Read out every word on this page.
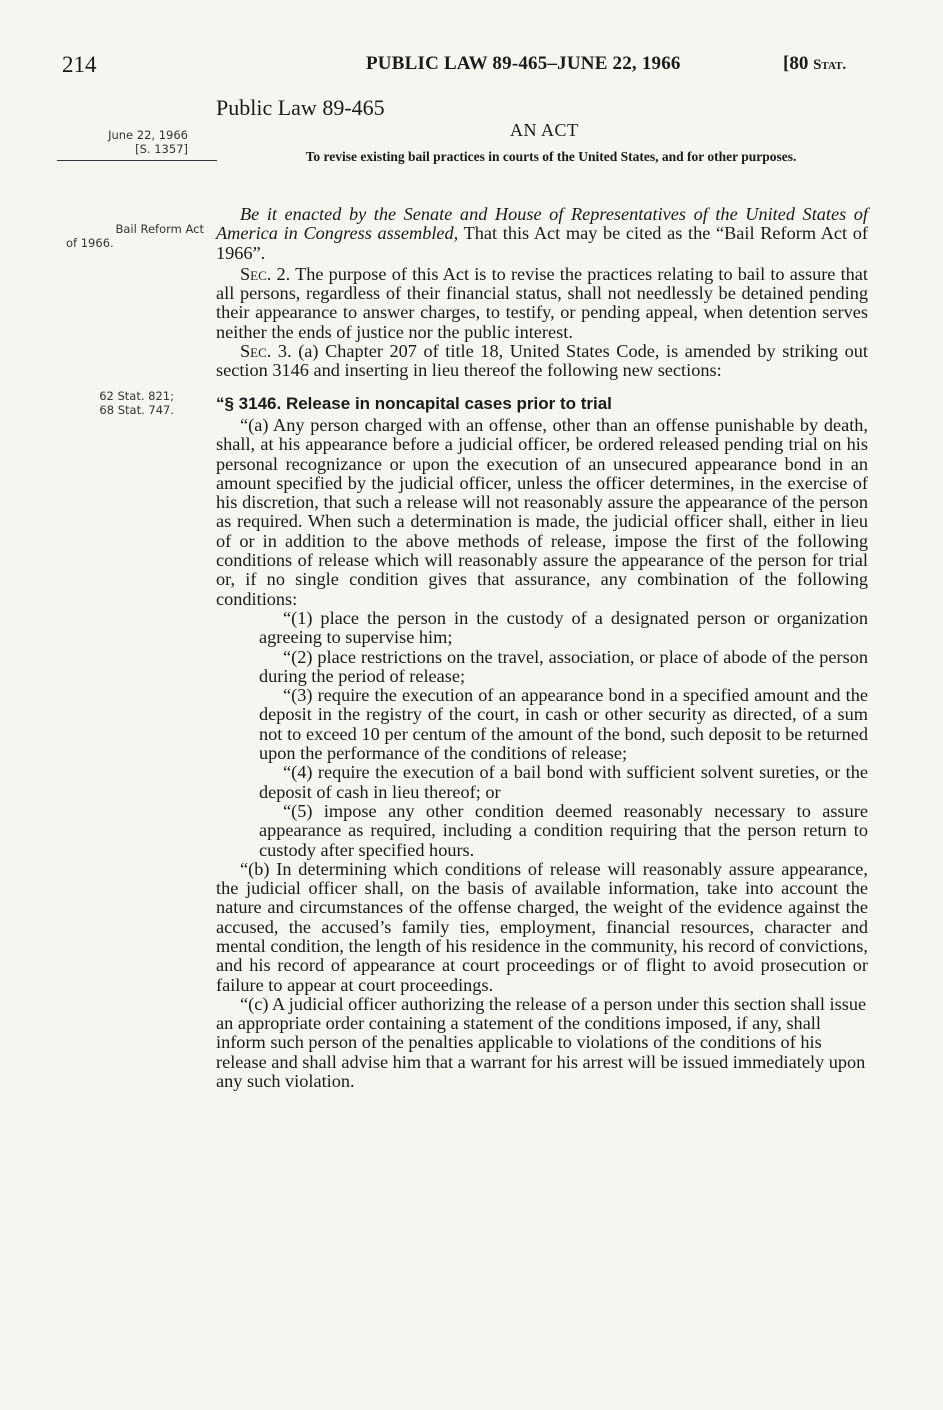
214	PUBLIC LAW 89-465–JUNE 22, 1966	[80 Stat.
Public Law 89-465
June 22, 1966
[S. 1357]
Bail Reform Act
of 1966.
62 Stat. 821;
68 Stat. 747.
AN ACT
To revise existing bail practices in courts of the United States, and for other purposes.

Be it enacted by the Senate and House of Representatives of the United States of America in Congress assembled, That this Act may be cited as the “Bail Reform Act of 1966”.

Sec. 2. The purpose of this Act is to revise the practices relating to bail to assure that all persons, regardless of their financial status, shall not needlessly be detained pending their appearance to answer charges, to testify, or pending appeal, when detention serves neither the ends of justice nor the public interest.

Sec. 3. (a) Chapter 207 of title 18, United States Code, is amended by striking out section 3146 and inserting in lieu thereof the following new sections:

“§ 3146. Release in noncapital cases prior to trial

“(a) Any person charged with an offense, other than an offense punishable by death, shall, at his appearance before a judicial officer, be ordered released pending trial on his personal recognizance or upon the execution of an unsecured appearance bond in an amount specified by the judicial officer, unless the officer determines, in the exercise of his discretion, that such a release will not reasonably assure the appearance of the person as required. When such a determination is made, the judicial officer shall, either in lieu of or in addition to the above methods of release, impose the first of the following conditions of release which will reasonably assure the appearance of the person for trial or, if no single condition gives that assurance, any combination of the following conditions:

“(1) place the person in the custody of a designated person or organization agreeing to supervise him;

“(2) place restrictions on the travel, association, or place of abode of the person during the period of release;

“(3) require the execution of an appearance bond in a specified amount and the deposit in the registry of the court, in cash or other security as directed, of a sum not to exceed 10 per centum of the amount of the bond, such deposit to be returned upon the performance of the conditions of release;

“(4) require the execution of a bail bond with sufficient solvent sureties, or the deposit of cash in lieu thereof; or

“(5) impose any other condition deemed reasonably necessary to assure appearance as required, including a condition requiring that the person return to custody after specified hours.

“(b) In determining which conditions of release will reasonably assure appearance, the judicial officer shall, on the basis of available information, take into account the nature and circumstances of the offense charged, the weight of the evidence against the accused, the accused’s family ties, employment, financial resources, character and mental condition, the length of his residence in the community, his record of convictions, and his record of appearance at court proceedings or of flight to avoid prosecution or failure to appear at court proceedings.

“(c) A judicial officer authorizing the release of a person under this section shall issue an appropriate order containing a statement of the conditions imposed, if any, shall inform such person of the penalties applicable to violations of the conditions of his release and shall advise him that a warrant for his arrest will be issued immediately upon any such violation.
